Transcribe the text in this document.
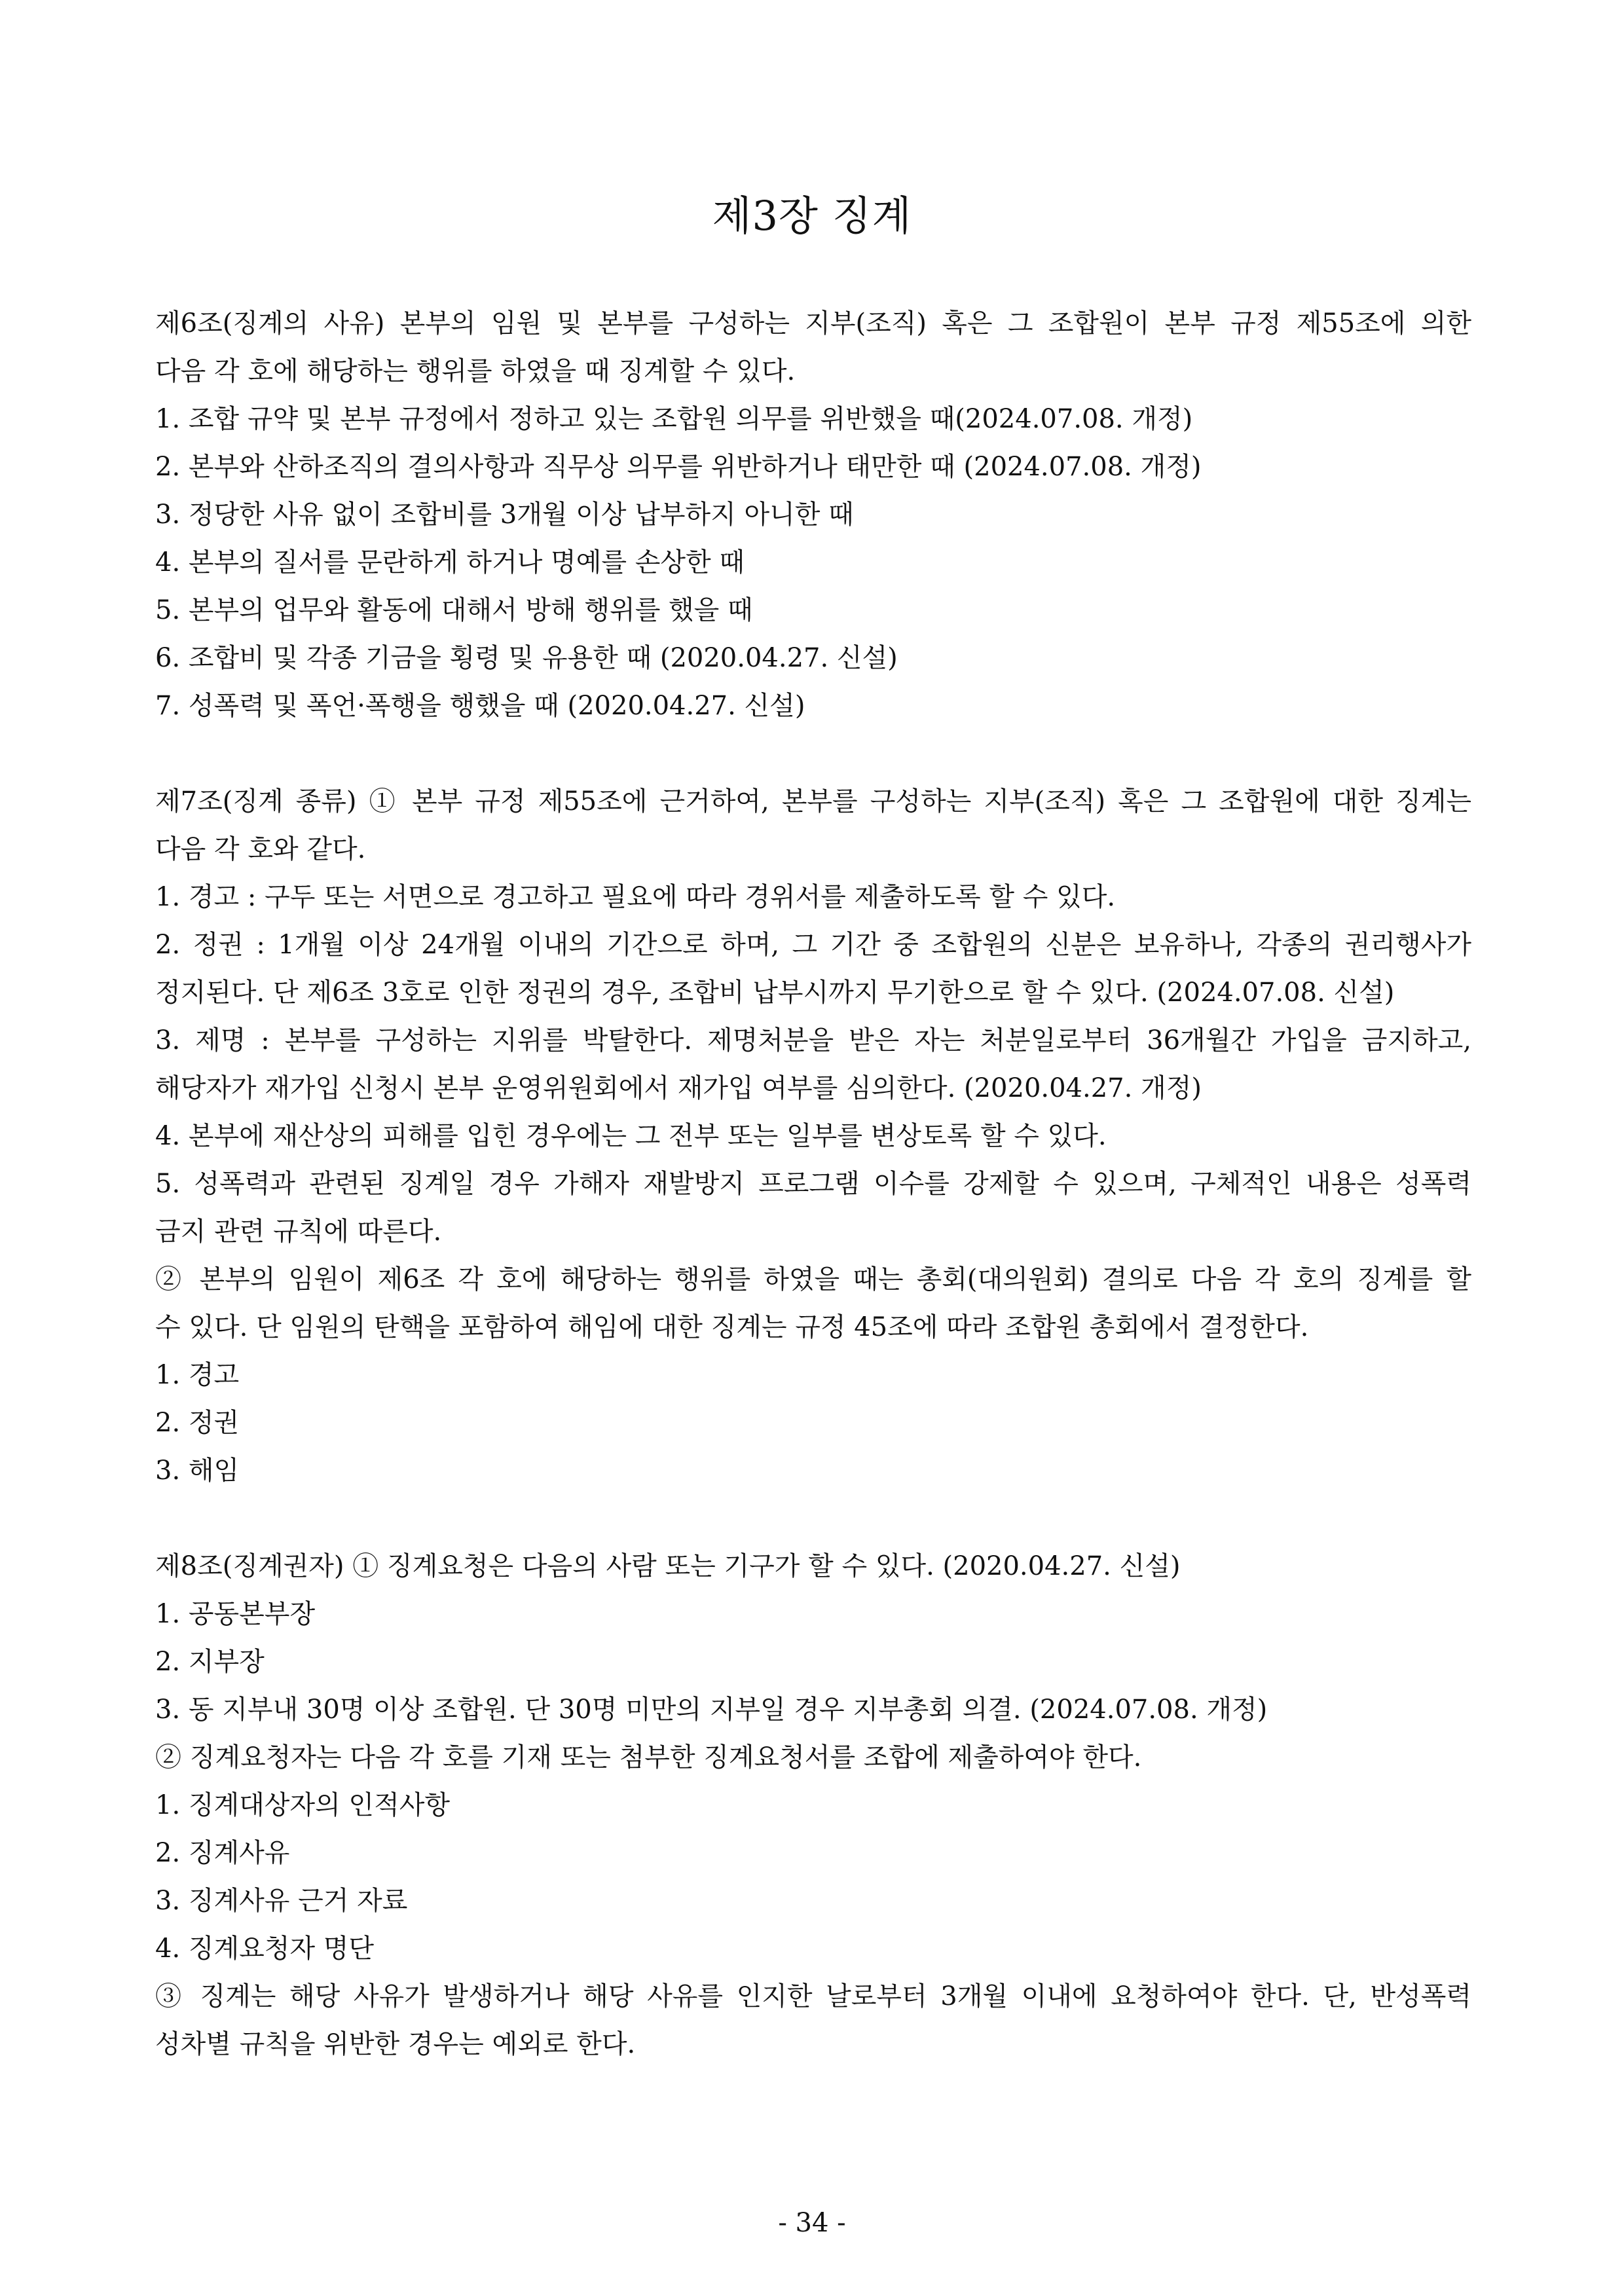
제3장 징계
제6조(징계의 사유) 본부의 임원 및 본부를 구성하는 지부(조직) 혹은 그 조합원이 본부 규정 제55조에 의한
다음 각 호에 해당하는 행위를 하였을 때 징계할 수 있다.
1. 조합 규약 및 본부 규정에서 정하고 있는 조합원 의무를 위반했을 때(2024.07.08. 개정)
2. 본부와 산하조직의 결의사항과 직무상 의무를 위반하거나 태만한 때 (2024.07.08. 개정)
3. 정당한 사유 없이 조합비를 3개월 이상 납부하지 아니한 때
4. 본부의 질서를 문란하게 하거나 명예를 손상한 때
5. 본부의 업무와 활동에 대해서 방해 행위를 했을 때
6. 조합비 및 각종 기금을 횡령 및 유용한 때 (2020.04.27. 신설)
7. 성폭력 및 폭언·폭행을 행했을 때 (2020.04.27. 신설)
제7조(징계 종류) ① 본부 규정 제55조에 근거하여, 본부를 구성하는 지부(조직) 혹은 그 조합원에 대한 징계는
다음 각 호와 같다.
1. 경고 : 구두 또는 서면으로 경고하고 필요에 따라 경위서를 제출하도록 할 수 있다.
2. 정권 : 1개월 이상 24개월 이내의 기간으로 하며, 그 기간 중 조합원의 신분은 보유하나, 각종의 권리행사가
정지된다. 단 제6조 3호로 인한 정권의 경우, 조합비 납부시까지 무기한으로 할 수 있다. (2024.07.08. 신설)
3. 제명 : 본부를 구성하는 지위를 박탈한다. 제명처분을 받은 자는 처분일로부터 36개월간 가입을 금지하고,
해당자가 재가입 신청시 본부 운영위원회에서 재가입 여부를 심의한다. (2020.04.27. 개정)
4. 본부에 재산상의 피해를 입힌 경우에는 그 전부 또는 일부를 변상토록 할 수 있다.
5. 성폭력과 관련된 징계일 경우 가해자 재발방지 프로그램 이수를 강제할 수 있으며, 구체적인 내용은 성폭력
금지 관련 규칙에 따른다.
② 본부의 임원이 제6조 각 호에 해당하는 행위를 하였을 때는 총회(대의원회) 결의로 다음 각 호의 징계를 할
수 있다. 단 임원의 탄핵을 포함하여 해임에 대한 징계는 규정 45조에 따라 조합원 총회에서 결정한다.
1. 경고
2. 정권
3. 해임
제8조(징계권자) ① 징계요청은 다음의 사람 또는 기구가 할 수 있다. (2020.04.27. 신설)
1. 공동본부장
2. 지부장
3. 동 지부내 30명 이상 조합원. 단 30명 미만의 지부일 경우 지부총회 의결. (2024.07.08. 개정)
② 징계요청자는 다음 각 호를 기재 또는 첨부한 징계요청서를 조합에 제출하여야 한다.
1. 징계대상자의 인적사항
2. 징계사유
3. 징계사유 근거 자료
4. 징계요청자 명단
③ 징계는 해당 사유가 발생하거나 해당 사유를 인지한 날로부터 3개월 이내에 요청하여야 한다. 단, 반성폭력
성차별 규칙을 위반한 경우는 예외로 한다.
- 34 -
